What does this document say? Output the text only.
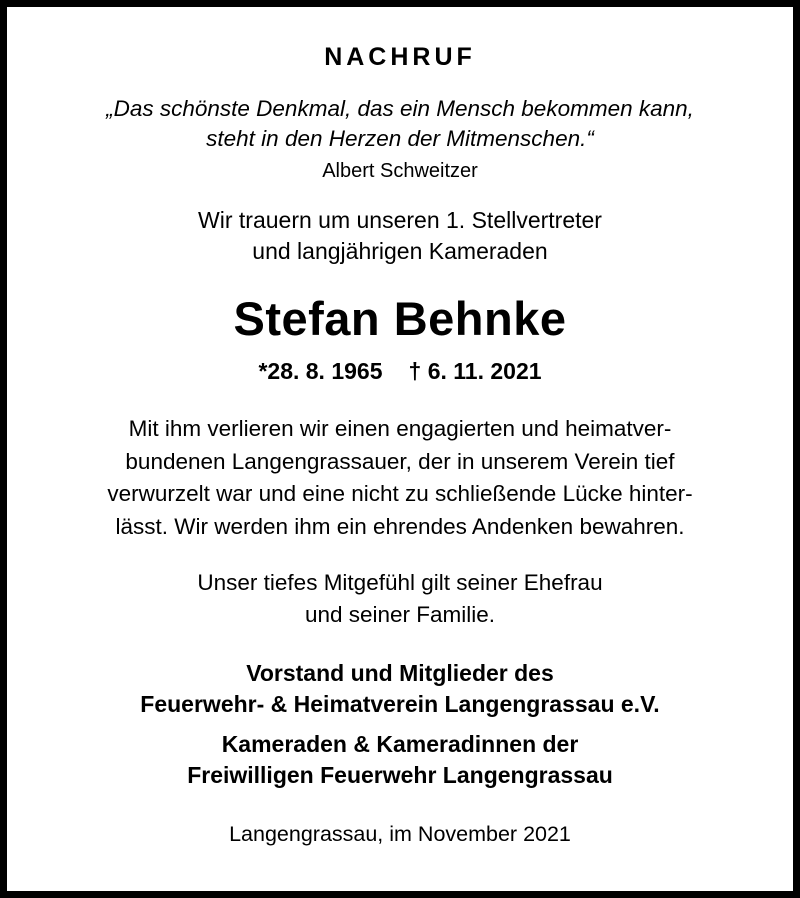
NACHRUF
„Das schönste Denkmal, das ein Mensch bekommen kann,
steht in den Herzen der Mitmenschen.“
Albert Schweitzer
Wir trauern um unseren 1. Stellvertreter
und langjährigen Kameraden
Stefan Behnke
*28. 8. 1965 † 6. 11. 2021
Mit ihm verlieren wir einen engagierten und heimatver-
bundenen Langengrassauer, der in unserem Verein tief
verwurzelt war und eine nicht zu schließende Lücke hinter-
lässt. Wir werden ihm ein ehrendes Andenken bewahren.
Unser tiefes Mitgefühl gilt seiner Ehefrau
und seiner Familie.
Vorstand und Mitglieder des
Feuerwehr- & Heimatverein Langengrassau e.V.
Kameraden & Kameradinnen der
Freiwilligen Feuerwehr Langengrassau
Langengrassau, im November 2021
